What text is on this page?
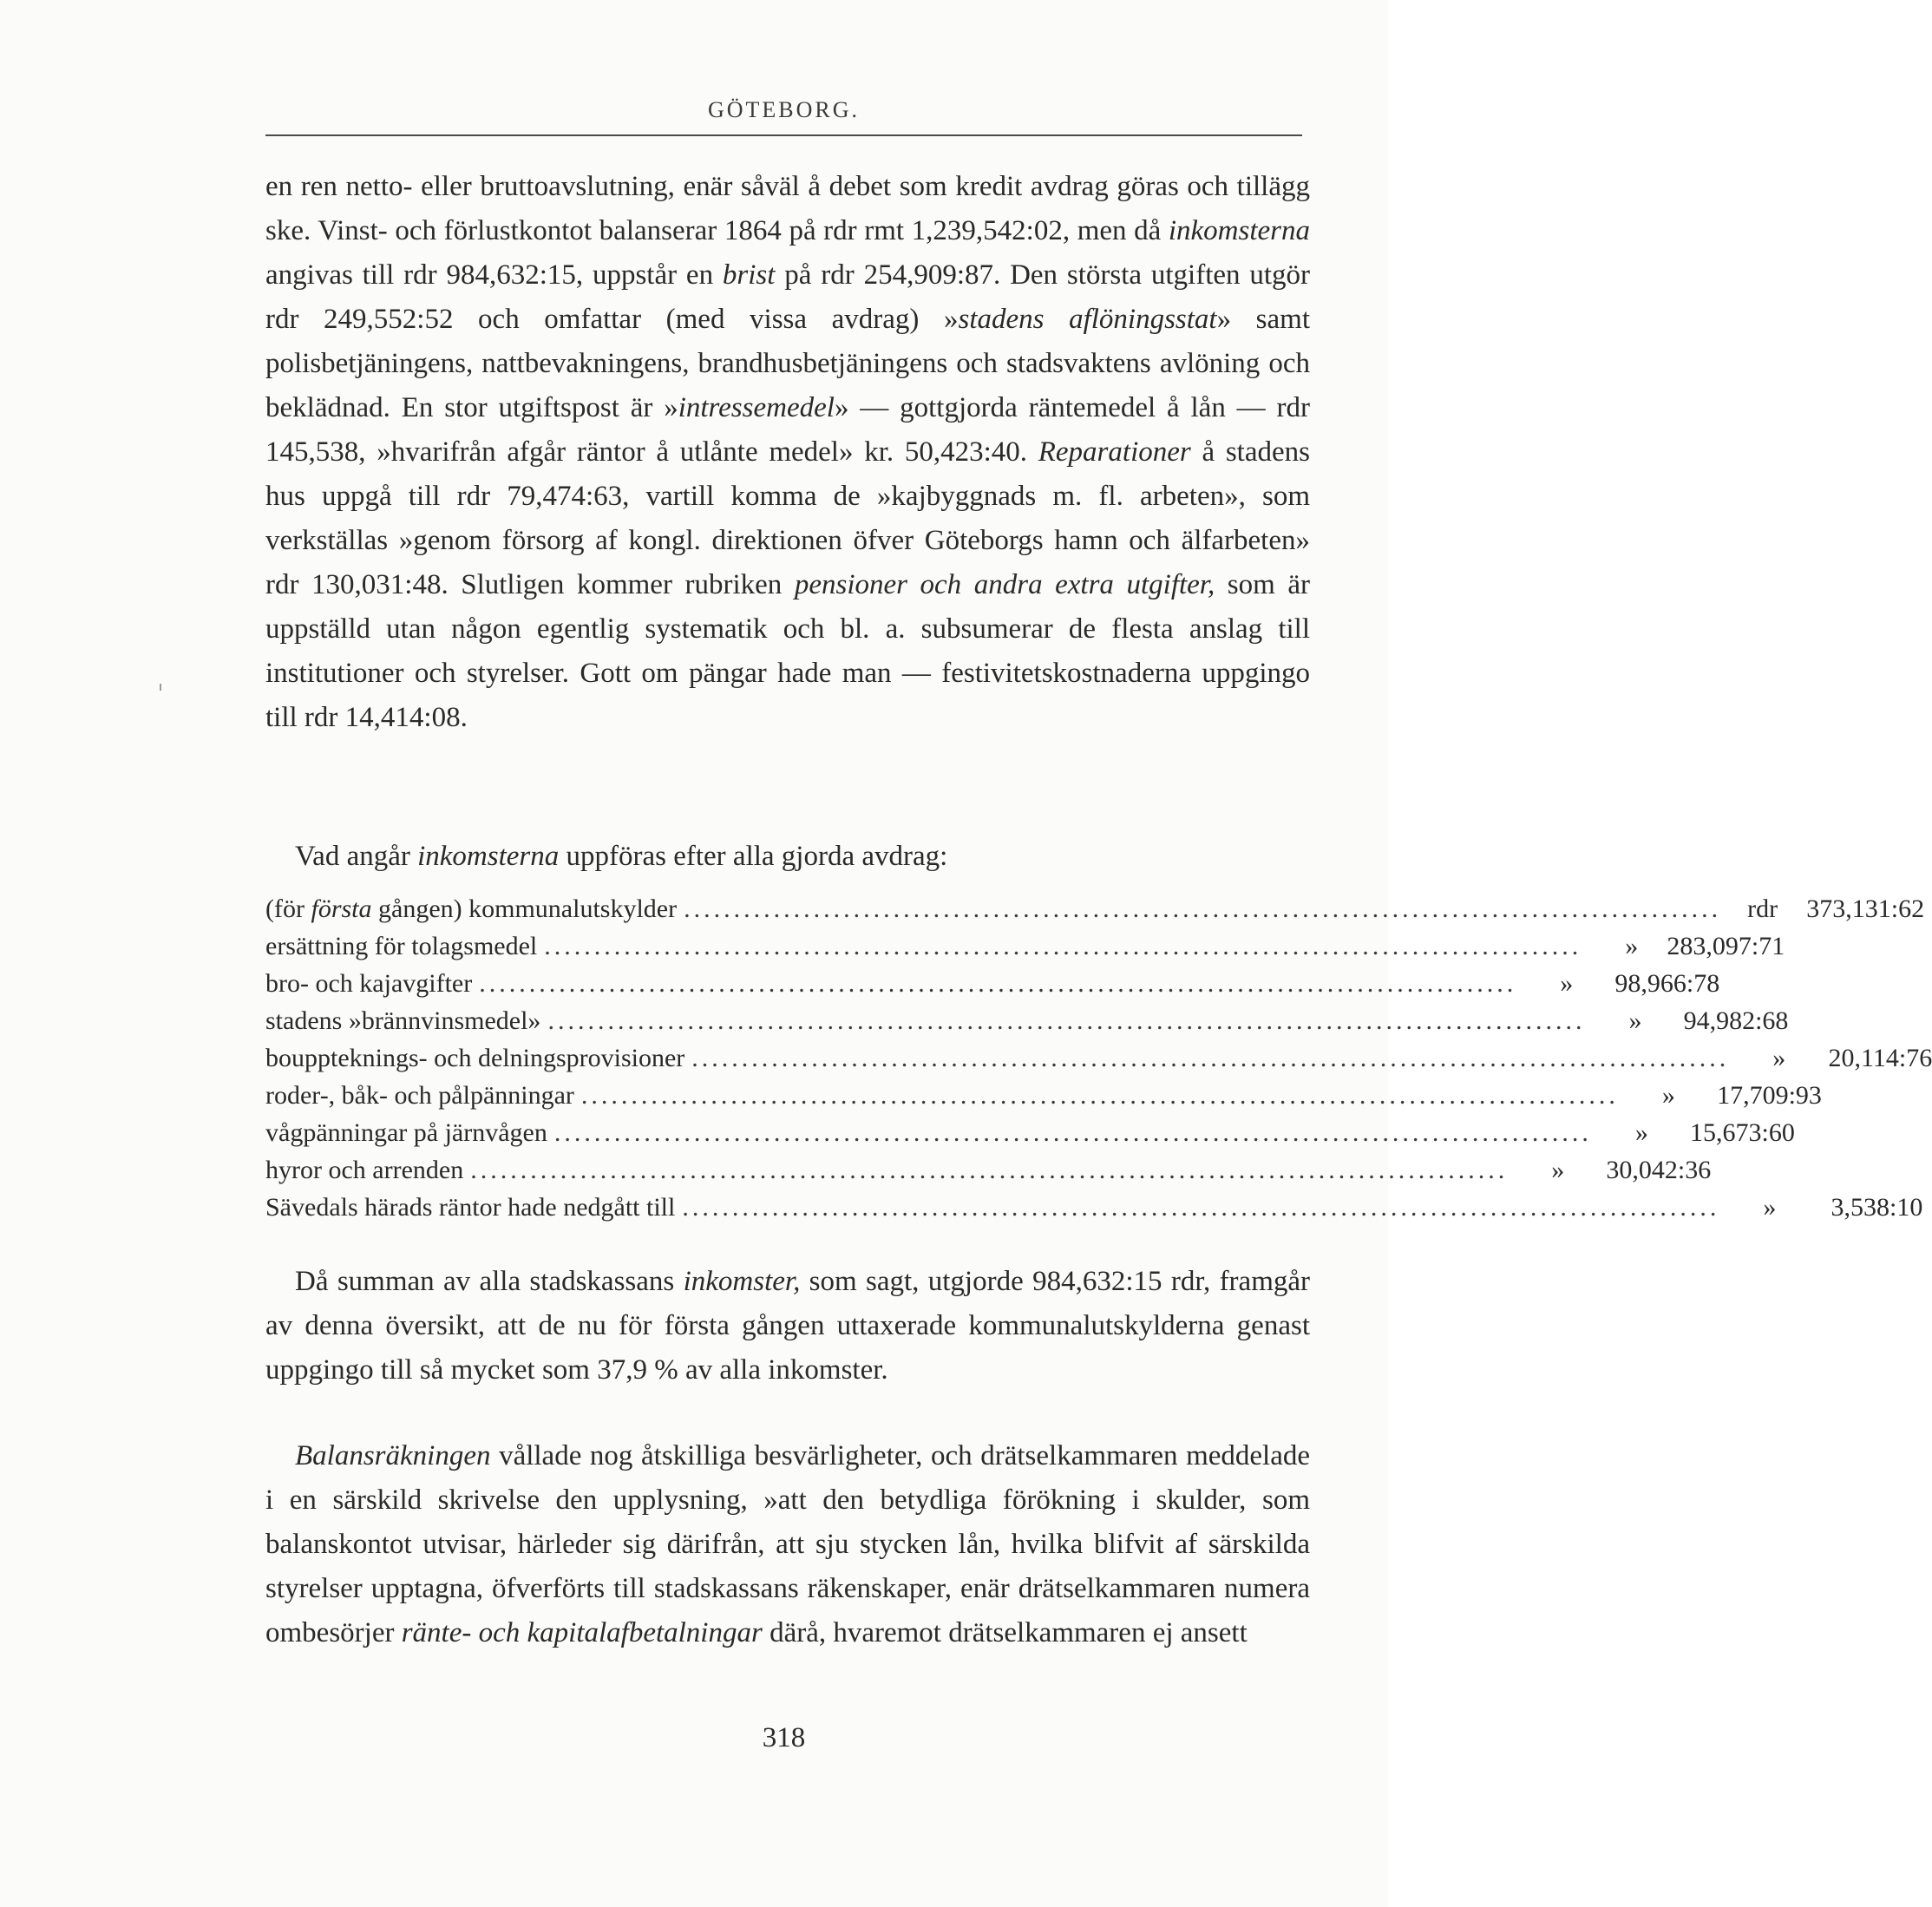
GÖTEBORG.

en ren netto- eller bruttoavslutning, enär såväl å debet som kredit avdrag göras och tillägg ske. Vinst- och förlustkontot balanserar 1864 på rdr rmt 1,239,542:02, men då inkomsterna angivas till rdr 984,632:15, uppstår en brist på rdr 254,909:87. Den största utgiften utgör rdr 249,552:52 och omfattar (med vissa avdrag) »stadens aflöningsstat» samt polisbetjäningens, nattbevakningens, brandhusbetjäningens och stadsvaktens avlöning och beklädnad. En stor utgiftspost är »intressemedel» — gottgjorda räntemedel å lån — rdr 145,538, »hvarifrån afgår räntor å utlånte medel» kr. 50,423:40. Reparationer å stadens hus uppgå till rdr 79,474:63, vartill komma de »kajbyggnads m. fl. arbeten», som verkställas »genom försorg af kongl. direktionen öfver Göteborgs hamn och älfarbeten» rdr 130,031:48. Slutligen kommer rubriken pensioner och andra extra utgifter, som är uppställd utan någon egentlig systematik och bl. a. subsumerar de flesta anslag till institutioner och styrelser. Gott om pängar hade man — festivitetskostnaderna uppgingo till rdr 14,414:08.

Vad angår inkomsterna uppföras efter alla gjorda avdrag:

(för första gången) kommunalutskylder ........................................................................................................	rdr	373,131:62
ersättning för tolagsmedel ........................................................................................................	»	283,097:71
bro- och kajavgifter ........................................................................................................	»	98,966:78
stadens »brännvinsmedel» ........................................................................................................	»	94,982:68
bouppteknings- och delningsprovisioner ........................................................................................................	»	20,114:76
roder-, båk- och pålpänningar ........................................................................................................	»	17,709:93
vågpänningar på järnvågen ........................................................................................................	»	15,673:60
hyror och arrenden ........................................................................................................	»	30,042:36
Sävedals härads räntor hade nedgått till ........................................................................................................	»	3,538:10

Då summan av alla stadskassans inkomster, som sagt, utgjorde 984,632:15 rdr, framgår av denna översikt, att de nu för första gången uttaxerade kommunalutskylderna genast uppgingo till så mycket som 37,9 % av alla inkomster.

Balansräkningen vållade nog åtskilliga besvärligheter, och drätselkammaren meddelade i en särskild skrivelse den upplysning, »att den betydliga förökning i skulder, som balanskontot utvisar, härleder sig därifrån, att sju stycken lån, hvilka blifvit af särskilda styrelser upptagna, öfverförts till stadskassans räkenskaper, enär drätselkammaren numera ombesörjer ränte- och kapitalafbetalningar därå, hvaremot drätselkammaren ej ansett

318
